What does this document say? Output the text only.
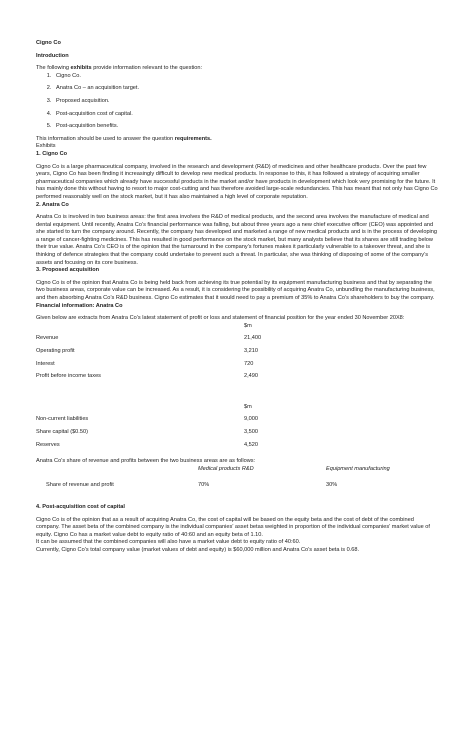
Cigno Co

Introduction

The following exhibits provide information relevant to the question:

1. Cigno Co.
2. Anatra Co – an acquisition target.
3. Proposed acquisition.
4. Post-acquisition cost of capital.
5. Post-acquisition benefits.

This information should be used to answer the question requirements.

Exhibits

1. Cigno Co

Cigno Co is a large pharmaceutical company, involved in the research and development (R&D) of medicines and other healthcare products. Over the past few years, Cigno Co has been finding it increasingly difficult to develop new medical products. In response to this, it has followed a strategy of acquiring smaller pharmaceutical companies which already have successful products in the market and/or have products in development which look very promising for the future. It has mainly done this without having to resort to major cost-cutting and has therefore avoided large-scale redundancies. This has meant that not only has Cigno Co performed reasonably well on the stock market, but it has also maintained a high level of corporate reputation.

2. Anatra Co

Anatra Co is involved in two business areas: the first area involves the R&D of medical products, and the second area involves the manufacture of medical and dental equipment. Until recently, Anatra Co’s financial performance was falling, but about three years ago a new chief executive officer (CEO) was appointed and she started to turn the company around. Recently, the company has developed and marketed a range of new medical products and is in the process of developing a range of cancer-fighting medicines. This has resulted in good performance on the stock market, but many analysts believe that its shares are still trading below their true value. Anatra Co’s CEO is of the opinion that the turnaround in the company’s fortunes makes it particularly vulnerable to a takeover threat, and she is thinking of defence strategies that the company could undertake to prevent such a threat. In particular, she was thinking of disposing of some of the company’s assets and focusing on its core business.

3. Proposed acquisition

Cigno Co is of the opinion that Anatra Co is being held back from achieving its true potential by its equipment manufacturing business and that by separating the two business areas, corporate value can be increased. As a result, it is considering the possibility of acquiring Anatra Co, unbundling the manufacturing business, and then absorbing Anatra Co’s R&D business. Cigno Co estimates that it would need to pay a premium of 35% to Anatra Co’s shareholders to buy the company.

Financial information: Anatra Co

Given below are extracts from Anatra Co’s latest statement of profit or loss and statement of financial position for the year ended 30 November 20X8:

	$m
Revenue	21,400
Operating profit	3,210
Interest	720
Profit before income taxes	2,490
	$m
Non-current liabilities	9,000
Share capital ($0.50)	3,500
Reserves	4,520

Anatra Co’s share of revenue and profits between the two business areas are as follows:

	Medical products R&D	Equipment manufacturing
Share of revenue and profit	70%	30%

4. Post-acquisition cost of capital

Cigno Co is of the opinion that as a result of acquiring Anatra Co, the cost of capital will be based on the equity beta and the cost of debt of the combined company. The asset beta of the combined company is the individual companies’ asset betas weighted in proportion of the individual companies’ market value of equity. Cigno Co has a market value debt to equity ratio of 40:60 and an equity beta of 1.10.

It can be assumed that the combined companies will also have a market value debt to equity ratio of 40:60.

Currently, Cigno Co’s total company value (market values of debt and equity) is $60,000 million and Anatra Co’s asset beta is 0.68.
